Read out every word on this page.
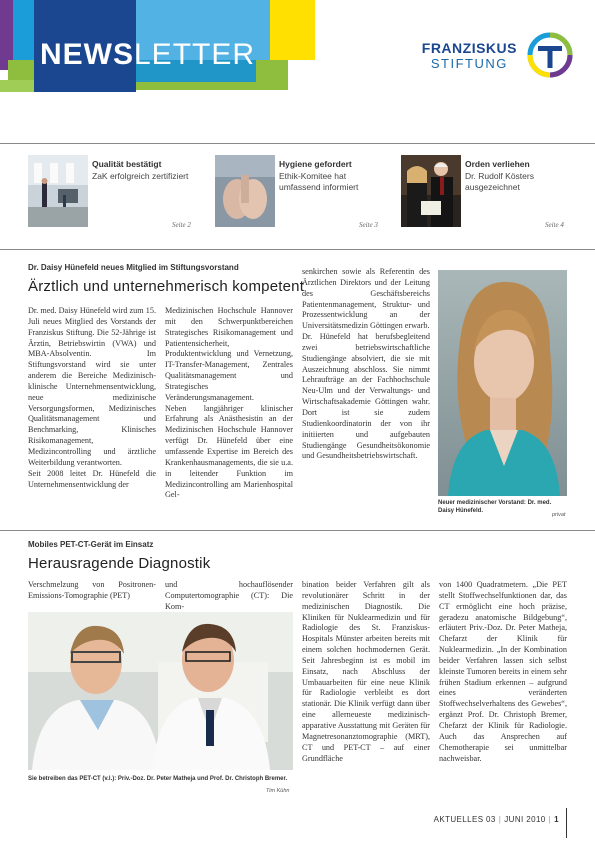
NEWSLETTER	FRANZISKUS
STIFTUNG
Qualität bestätigt
ZaK erfolgreich zertifiziert
Seite 2
Hygiene gefordert
Ethik-Komitee hat umfassend informiert
Seite 3
Orden verliehen
Dr. Rudolf Kösters ausgezeichnet
Seite 4
Dr. Daisy Hünefeld neues Mitglied im Stiftungsvorstand
Ärztlich und unternehmerisch kompetent

Dr. med. Daisy Hünefeld wird zum 15. Juli neues Mitglied des Vorstands der Franziskus Stiftung. Die 52-Jährige ist Ärztin, Betriebswirtin (VWA) und MBA-Absolventin. Im Stiftungsvorstand wird sie unter anderem die Bereiche Medizinisch-klinische Unternehmensentwicklung, neue medizinische Versorgungsformen, Medizinisches Qualitätsmanagement und Benchmarking, Klinisches Risikomanagement, Medizincontrolling und ärztliche Weiterbildung verantworten.

Seit 2008 leitet Dr. Hünefeld die Unternehmensentwicklung der

Medizinischen Hochschule Hannover mit den Schwerpunktbereichen Strategisches Risikomanagement und Patientensicherheit, Produktentwicklung und Vernetzung, IT-Transfer-Management, Zentrales Qualitätsmanagement und Strategisches Veränderungsmanagement.

Neben langjähriger klinischer Erfahrung als Anästhesistin an der Medizinischen Hochschule Hannover verfügt Dr. Hünefeld über eine umfassende Expertise im Bereich des Krankenhausmanagements, die sie u.a. in leitender Funktion im Medizincontrolling am Marienhospital Gel-

senkirchen sowie als Referentin des Ärztlichen Direktors und der Leitung des Geschäftsbereichs Patientenmanagement, Struktur- und Prozessentwicklung an der Universitätsmedizin Göttingen erwarb.

Dr. Hünefeld hat berufsbegleitend zwei betriebswirtschaftliche Studiengänge absolviert, die sie mit Auszeichnung abschloss. Sie nimmt Lehraufträge an der Fachhochschule Neu-Ulm und der Verwaltungs- und Wirtschaftsakademie Göttingen wahr. Dort ist sie zudem Studienkoordinatorin der von ihr initiierten und aufgebauten Studiengänge Gesundheitsökonomie und Gesundheitsbetriebswirtschaft.

Neuer medizinischer Vorstand: Dr. med. Daisy Hünefeld.
privat
Mobiles PET-CT-Gerät im Einsatz
Herausragende Diagnostik

Verschmelzung von Positronen-Emissions-Tomographie (PET)

und hochauflösender Computertomographie (CT): Die Kom-

bination beider Verfahren gilt als revolutionärer Schritt in der medizinischen Diagnostik. Die Kliniken für Nuklearmedizin und für Radiologie des St. Franziskus-Hospitals Münster arbeiten bereits mit einem solchen hochmodernen Gerät. Seit Jahresbeginn ist es mobil im Einsatz, nach Abschluss der Umbauarbeiten für eine neue Klinik für Radiologie verbleibt es dort stationär. Die Klinik verfügt dann über eine allerneueste medizinisch-apparative Ausstattung mit Geräten für Magnetresonanztomographie (MRT), CT und PET-CT – auf einer Grundfläche

von 1400 Quadratmetern. „Die PET stellt Stoffwechselfunktionen dar, das CT ermöglicht eine hoch präzise, geradezu anatomische Bildgebung“, erläutert Priv.-Doz. Dr. Peter Matheja, Chefarzt der Klinik für Nuklearmedizin. „In der Kombination beider Verfahren lassen sich selbst kleinste Tumoren bereits in einem sehr frühen Stadium erkennen – aufgrund eines veränderten Stoffwechselverhaltens des Gewebes“, ergänzt Prof. Dr. Christoph Bremer, Chefarzt der Klinik für Radiologie. Auch das Ansprechen auf Chemotherapie sei unmittelbar nachweisbar.

Sie betreiben das PET-CT (v.l.): Priv.-Doz. Dr. Peter Matheja und Prof. Dr. Christoph Bremer.
Tim Kühn
AKTUELLES 03 | JUNI 2010 | 1
